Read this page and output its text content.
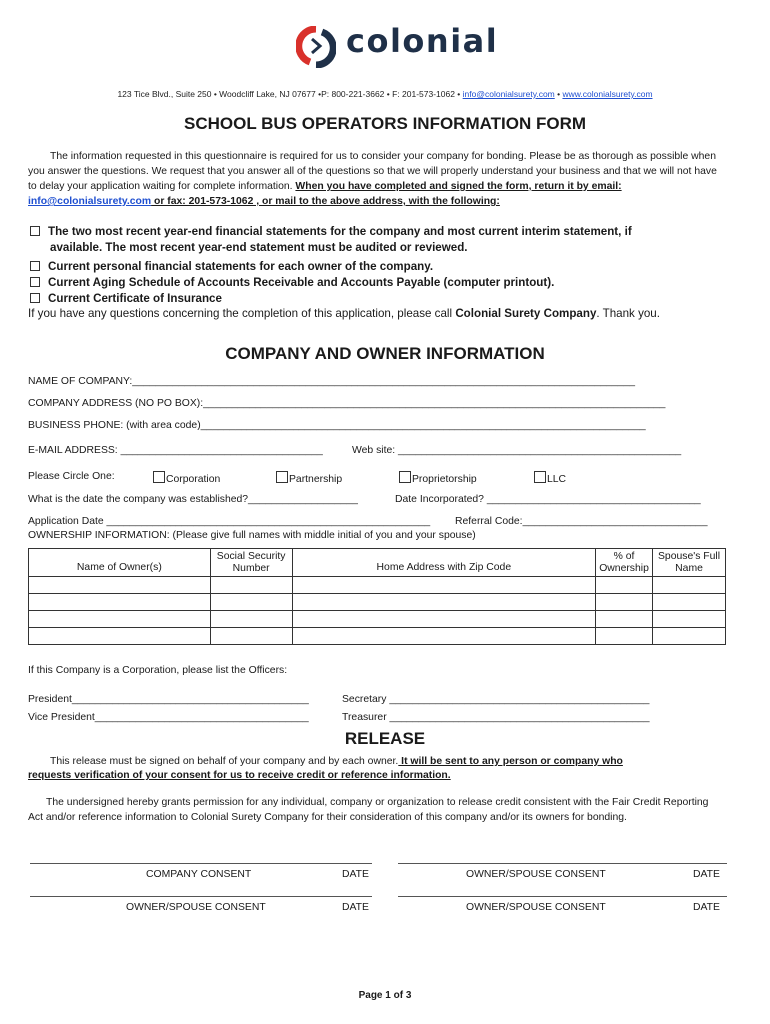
colonial
123 Tice Blvd., Suite 250 • Woodcliff Lake, NJ 07677 •P: 800-221-3662 • F: 201-573-1062 • info@colonialsurety.com • www.colonialsurety.com
SCHOOL BUS OPERATORS INFORMATION FORM
The information requested in this questionnaire is required for us to consider your company for bonding. Please be as thorough as possible when you answer the questions. We request that you answer all of the questions so that we will properly understand your business and that we will not have to delay your application waiting for complete information. When you have completed and signed the form, return it by email: info@colonialsurety.com or fax: 201-573-1062 , or mail to the above address, with the following:
The two most recent year-end financial statements for the company and most current interim statement, if
available. The most recent year-end statement must be audited or reviewed.
Current personal financial statements for each owner of the company.
Current Aging Schedule of Accounts Receivable and Accounts Payable (computer printout).
Current Certificate of Insurance
If you have any questions concerning the completion of this application, please call Colonial Surety Company. Thank you.
COMPANY AND OWNER INFORMATION
NAME OF COMPANY:_______________________________________________________________________________________
COMPANY ADDRESS (NO PO BOX):________________________________________________________________________________
BUSINESS PHONE: (with area code)_____________________________________________________________________________
E-MAIL ADDRESS: ___________________________________	Web site: _________________________________________________
Please Circle One:	Corporation	Partnership	Proprietorship	LLC
What is the date the company was established?___________________	Date Incorporated? _____________________________________
Application Date ________________________________________________________ Referral Code:________________________________
OWNERSHIP INFORMATION: (Please give full names with middle initial of you and your spouse)
Name of Owner(s)	Social Security Number	Home Address with Zip Code	% of Ownership	Spouse's Full Name

If this Company is a Corporation, please list the Officers:
President_________________________________________	Secretary _____________________________________________
Vice President_____________________________________	Treasurer _____________________________________________
RELEASE
This release must be signed on behalf of your company and by each owner. It will be sent to any person or company who
requests verification of your consent for us to receive credit or reference information.
The undersigned hereby grants permission for any individual, company or organization to release credit consistent with the Fair Credit Reporting Act and/or reference information to Colonial Surety Company for their consideration of this company and/or its owners for bonding.
COMPANY CONSENT	DATE	OWNER/SPOUSE CONSENT	DATE
OWNER/SPOUSE CONSENT	DATE	OWNER/SPOUSE CONSENT	DATE
Page 1 of 3
